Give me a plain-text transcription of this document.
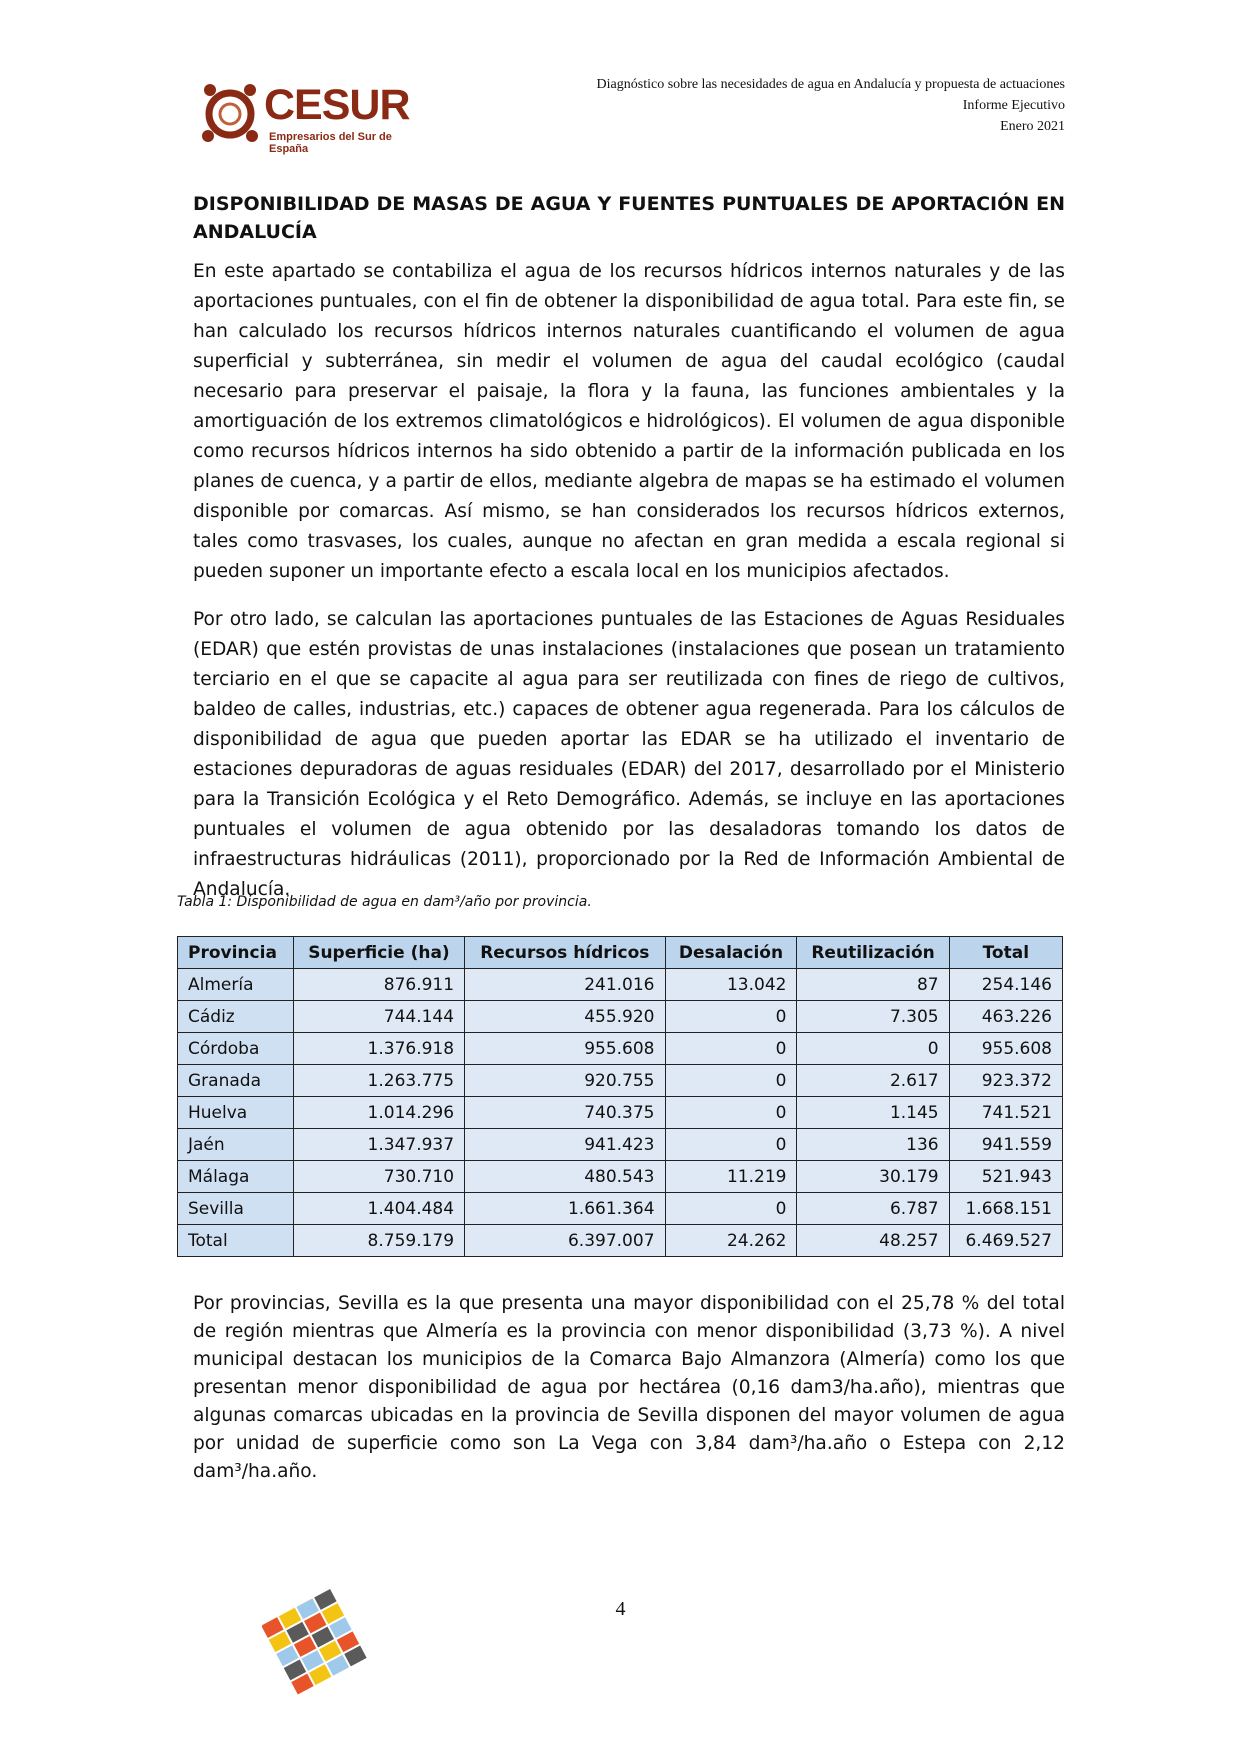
CESUR
Empresarios del Sur de España
Diagnóstico sobre las necesidades de agua en Andalucía y propuesta de actuaciones
Informe Ejecutivo
Enero 2021
DISPONIBILIDAD DE MASAS DE AGUA Y FUENTES PUNTUALES DE APORTACIÓN EN ANDALUCÍA

En este apartado se contabiliza el agua de los recursos hídricos internos naturales y de las aportaciones puntuales, con el fin de obtener la disponibilidad de agua total. Para este fin, se han calculado los recursos hídricos internos naturales cuantificando el volumen de agua superficial y subterránea, sin medir el volumen de agua del caudal ecológico (caudal necesario para preservar el paisaje, la flora y la fauna, las funciones ambientales y la amortiguación de los extremos climatológicos e hidrológicos). El volumen de agua disponible como recursos hídricos internos ha sido obtenido a partir de la información publicada en los planes de cuenca, y a partir de ellos, mediante algebra de mapas se ha estimado el volumen disponible por comarcas. Así mismo, se han considerados los recursos hídricos externos, tales como trasvases, los cuales, aunque no afectan en gran medida a escala regional si pueden suponer un importante efecto a escala local en los municipios afectados.

Por otro lado, se calculan las aportaciones puntuales de las Estaciones de Aguas Residuales (EDAR) que estén provistas de unas instalaciones (instalaciones que posean un tratamiento terciario en el que se capacite al agua para ser reutilizada con fines de riego de cultivos, baldeo de calles, industrias, etc.) capaces de obtener agua regenerada. Para los cálculos de disponibilidad de agua que pueden aportar las EDAR se ha utilizado el inventario de estaciones depuradoras de aguas residuales (EDAR) del 2017, desarrollado por el Ministerio para la Transición Ecológica y el Reto Demográfico. Además, se incluye en las aportaciones puntuales el volumen de agua obtenido por las desaladoras tomando los datos de infraestructuras hidráulicas (2011), proporcionado por la Red de Información Ambiental de Andalucía.

Tabla 1: Disponibilidad de agua en dam³/año por provincia.
Provincia	Superficie (ha)	Recursos hídricos	Desalación	Reutilización	Total
Almería	876.911	241.016	13.042	87	254.146
Cádiz	744.144	455.920	0	7.305	463.226
Córdoba	1.376.918	955.608	0	0	955.608
Granada	1.263.775	920.755	0	2.617	923.372
Huelva	1.014.296	740.375	0	1.145	741.521
Jaén	1.347.937	941.423	0	136	941.559
Málaga	730.710	480.543	11.219	30.179	521.943
Sevilla	1.404.484	1.661.364	0	6.787	1.668.151
Total	8.759.179	6.397.007	24.262	48.257	6.469.527

Por provincias, Sevilla es la que presenta una mayor disponibilidad con el 25,78 % del total de región mientras que Almería es la provincia con menor disponibilidad (3,73 %). A nivel municipal destacan los municipios de la Comarca Bajo Almanzora (Almería) como los que presentan menor disponibilidad de agua por hectárea (0,16 dam3/ha.año), mientras que algunas comarcas ubicadas en la provincia de Sevilla disponen del mayor volumen de agua por unidad de superficie como son La Vega con 3,84 dam³/ha.año o Estepa con 2,12 dam³/ha.año.

4
